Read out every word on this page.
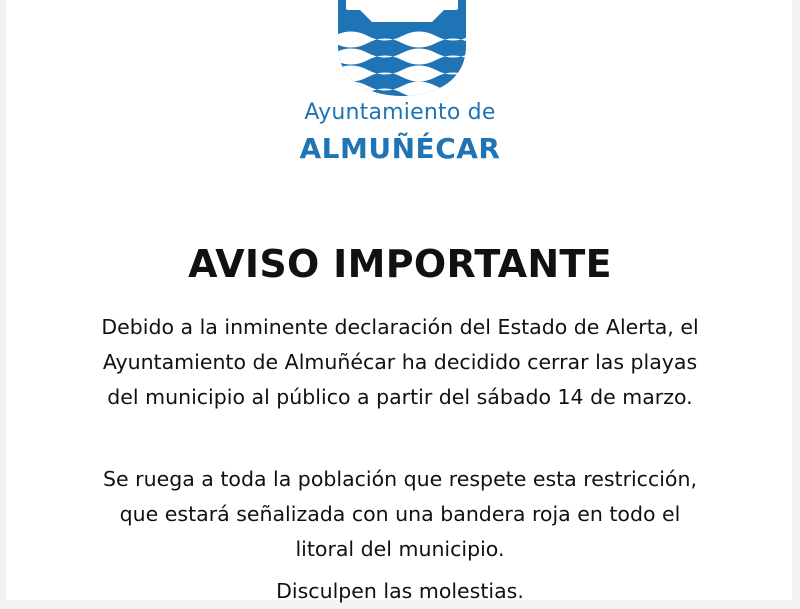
Ayuntamiento de
ALMUÑÉCAR
AVISO IMPORTANTE
Debido a la inminente declaración del Estado de Alerta, el Ayuntamiento de Almuñécar ha decidido cerrar las playas del municipio al público a partir del sábado 14 de marzo.
Se ruega a toda la población que respete esta restricción, que estará señalizada con una bandera roja en todo el litoral del municipio.
Disculpen las molestias.
